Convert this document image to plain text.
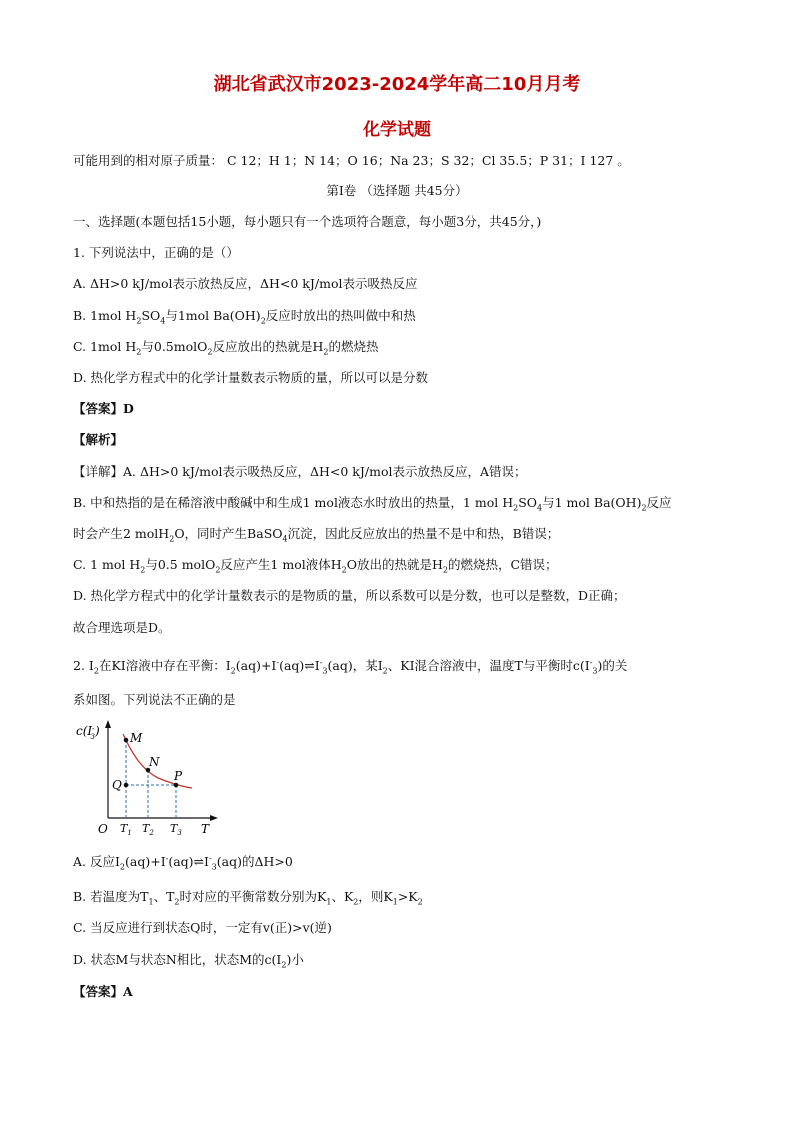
湖北省武汉市2023-2024学年高二10月月考
化学试题
可能用到的相对原子质量： C 12；H 1；N 14；O 16；Na 23；S 32；Cl 35.5；P 31；I 127 。
第Ⅰ卷 （选择题 共45分）
一、选择题(本题包括15小题，每小题只有一个选项符合题意，每小题3分，共45分，)
1. 下列说法中，正确的是（）
A. ΔH>0 kJ/mol表示放热反应，ΔH<0 kJ/mol表示吸热反应
B. 1mol $H_2SO_4$与1mol $Ba(OH)_2$反应时放出的热叫做中和热
C. 1mol $H_2$与0.5molO$_2$反应放出的热就是$H_2$的燃烧热
D. 热化学方程式中的化学计量数表示物质的量，所以可以是分数
【答案】D
【解析】
【详解】A. ΔH>0 kJ/mol表示吸热反应，ΔH<0 kJ/mol表示放热反应，A错误；
B. 中和热指的是在稀溶液中酸碱中和生成1 mol液态水时放出的热量，1 mol $H_2SO_4$与1 mol $Ba(OH)_2$反应
时会产生2 molH$_2$O，同时产生BaSO$_4$沉淀，因此反应放出的热量不是中和热，B错误；
C. 1 mol $H_2$与0.5 molO$_2$反应产生1 mol液体$H_2O$放出的热就是$H_2$的燃烧热，C错误；
D. 热化学方程式中的化学计量数表示的是物质的量，所以系数可以是分数，也可以是整数，D正确；
故合理选项是D。
2. $I_2$在KI溶液中存在平衡：$I_2(aq)+I^-(aq)\rightleftharpoons I^-_3(aq)$，某$I_2$、KI混合溶液中，温度T与平衡时$c(I^-_3)$的关
系如图。下列说法不正确的是
c(I-3)
T
O
M
N
P
Q
$T_1$ $T_2$ $T_3$
A. 反应$I_2(aq)+I^-(aq)\rightleftharpoons I^-_3(aq)$的ΔH>0
B. 若温度为$T_1$、$T_2$时对应的平衡常数分别为$K_1$、$K_2$，则$K_1>K_2$
C. 当反应进行到状态Q时，一定有v(正)>v(逆)
D. 状态M与状态N相比，状态M的$c(I_2)$小
【答案】A
